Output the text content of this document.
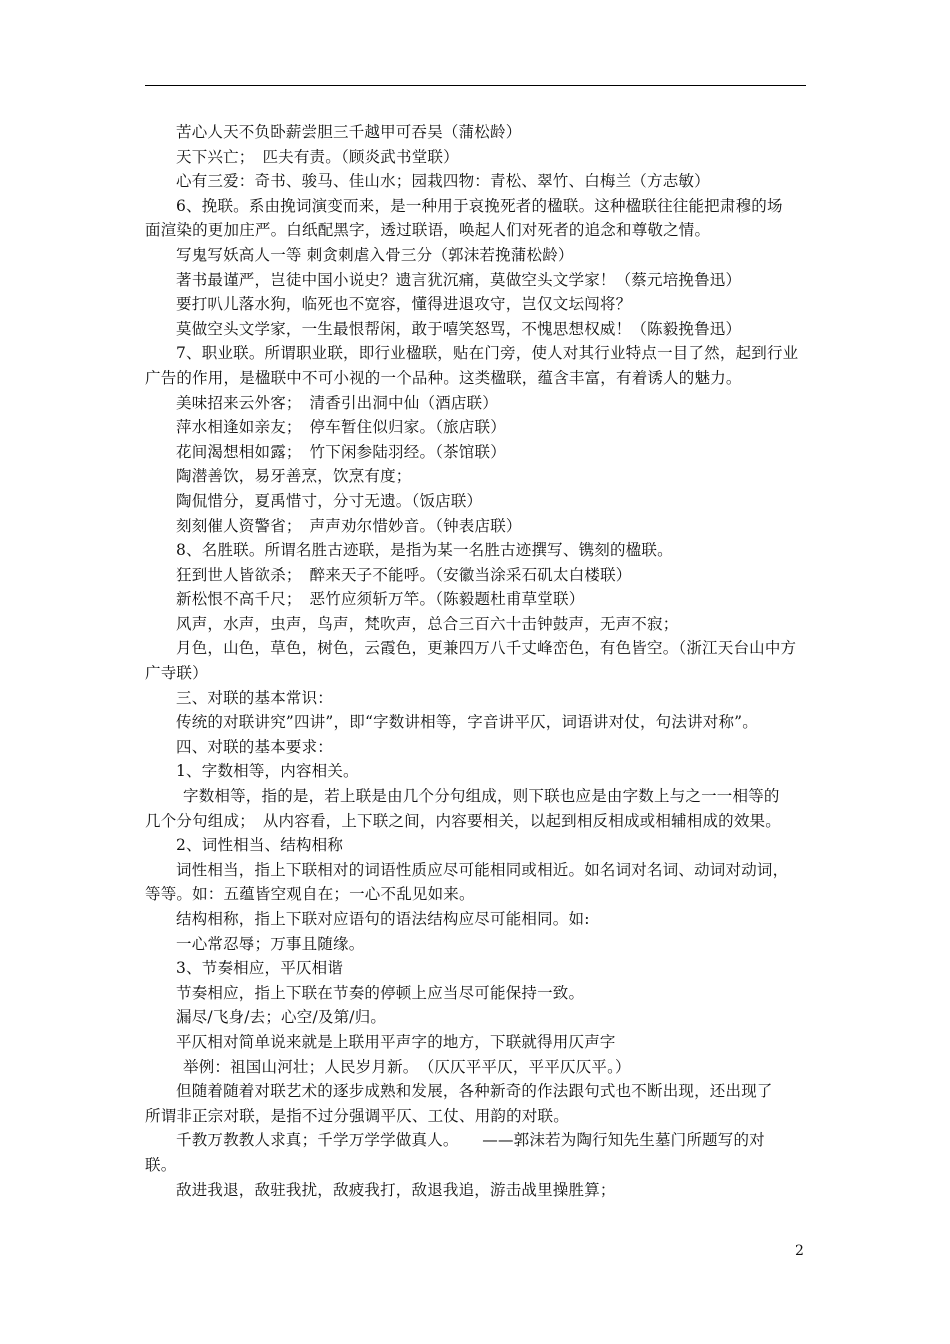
苦心人天不负卧薪尝胆三千越甲可吞吴（蒲松龄）
天下兴亡；　匹夫有责。（顾炎武书堂联）
心有三爱：奇书、骏马、佳山水；园栽四物：青松、翠竹、白梅兰（方志敏）
6、挽联。系由挽词演变而来，是一种用于哀挽死者的楹联。这种楹联往往能把肃穆的场
面渲染的更加庄严。白纸配黑字，透过联语，唤起人们对死者的追念和尊敬之情。
写鬼写妖高人一等 刺贪刺虐入骨三分（郭沫若挽蒲松龄）
著书最谨严，岂徒中国小说史？遗言犹沉痛，莫做空头文学家！（蔡元培挽鲁迅）
要打叭儿落水狗，临死也不宽容，懂得进退攻守，岂仅文坛闯将？
莫做空头文学家，一生最恨帮闲，敢于嘻笑怒骂，不愧思想权威！（陈毅挽鲁迅）
7、职业联。所谓职业联，即行业楹联，贴在门旁，使人对其行业特点一目了然，起到行业
广告的作用，是楹联中不可小视的一个品种。这类楹联，蕴含丰富，有着诱人的魅力。
美味招来云外客；　清香引出洞中仙（酒店联）
萍水相逢如亲友；　停车暂住似归家。（旅店联）
花间渴想相如露；　竹下闲参陆羽经。（茶馆联）
陶潜善饮，易牙善烹，饮烹有度；
陶侃惜分，夏禹惜寸，分寸无遗。（饭店联）
刻刻催人资警省；　声声劝尔惜妙音。（钟表店联）
8、名胜联。所谓名胜古迹联，是指为某一名胜古迹撰写、镌刻的楹联。
狂到世人皆欲杀；　醉来天子不能呼。（安徽当涂采石矶太白楼联）
新松恨不高千尺；　恶竹应须斩万竿。（陈毅题杜甫草堂联）
风声，水声，虫声，鸟声，梵吹声，总合三百六十击钟鼓声，无声不寂；
月色，山色，草色，树色，云霞色，更兼四万八千丈峰峦色，有色皆空。（浙江天台山中方
广寺联）
三、对联的基本常识：
传统的对联讲究”四讲”，即“字数讲相等，字音讲平仄，词语讲对仗，句法讲对称”。
四、对联的基本要求：
1、字数相等，内容相关。
字数相等，指的是，若上联是由几个分句组成，则下联也应是由字数上与之一一相等的
几个分句组成；　从内容看，上下联之间，内容要相关，以起到相反相成或相辅相成的效果。
2、词性相当、结构相称
词性相当，指上下联相对的词语性质应尽可能相同或相近。如名词对名词、动词对动词，
等等。如：五蕴皆空观自在；一心不乱见如来。
结构相称，指上下联对应语句的语法结构应尽可能相同。如:
一心常忍辱；万事且随缘。
3、节奏相应，平仄相谐
节奏相应，指上下联在节奏的停顿上应当尽可能保持一致。
漏尽/飞身/去；心空/及第/归。
平仄相对简单说来就是上联用平声字的地方，下联就得用仄声字
举例：祖国山河壮；人民岁月新。　（仄仄平平仄，平平仄仄平。）
但随着随着对联艺术的逐步成熟和发展，各种新奇的作法跟句式也不断出现，还出现了
所谓非正宗对联，是指不过分强调平仄、工仗、用韵的对联。
千教万教教人求真；千学万学学做真人。　　——郭沫若为陶行知先生墓门所题写的对
联。
敌进我退，敌驻我扰，敌疲我打，敌退我追，游击战里操胜算；
2
